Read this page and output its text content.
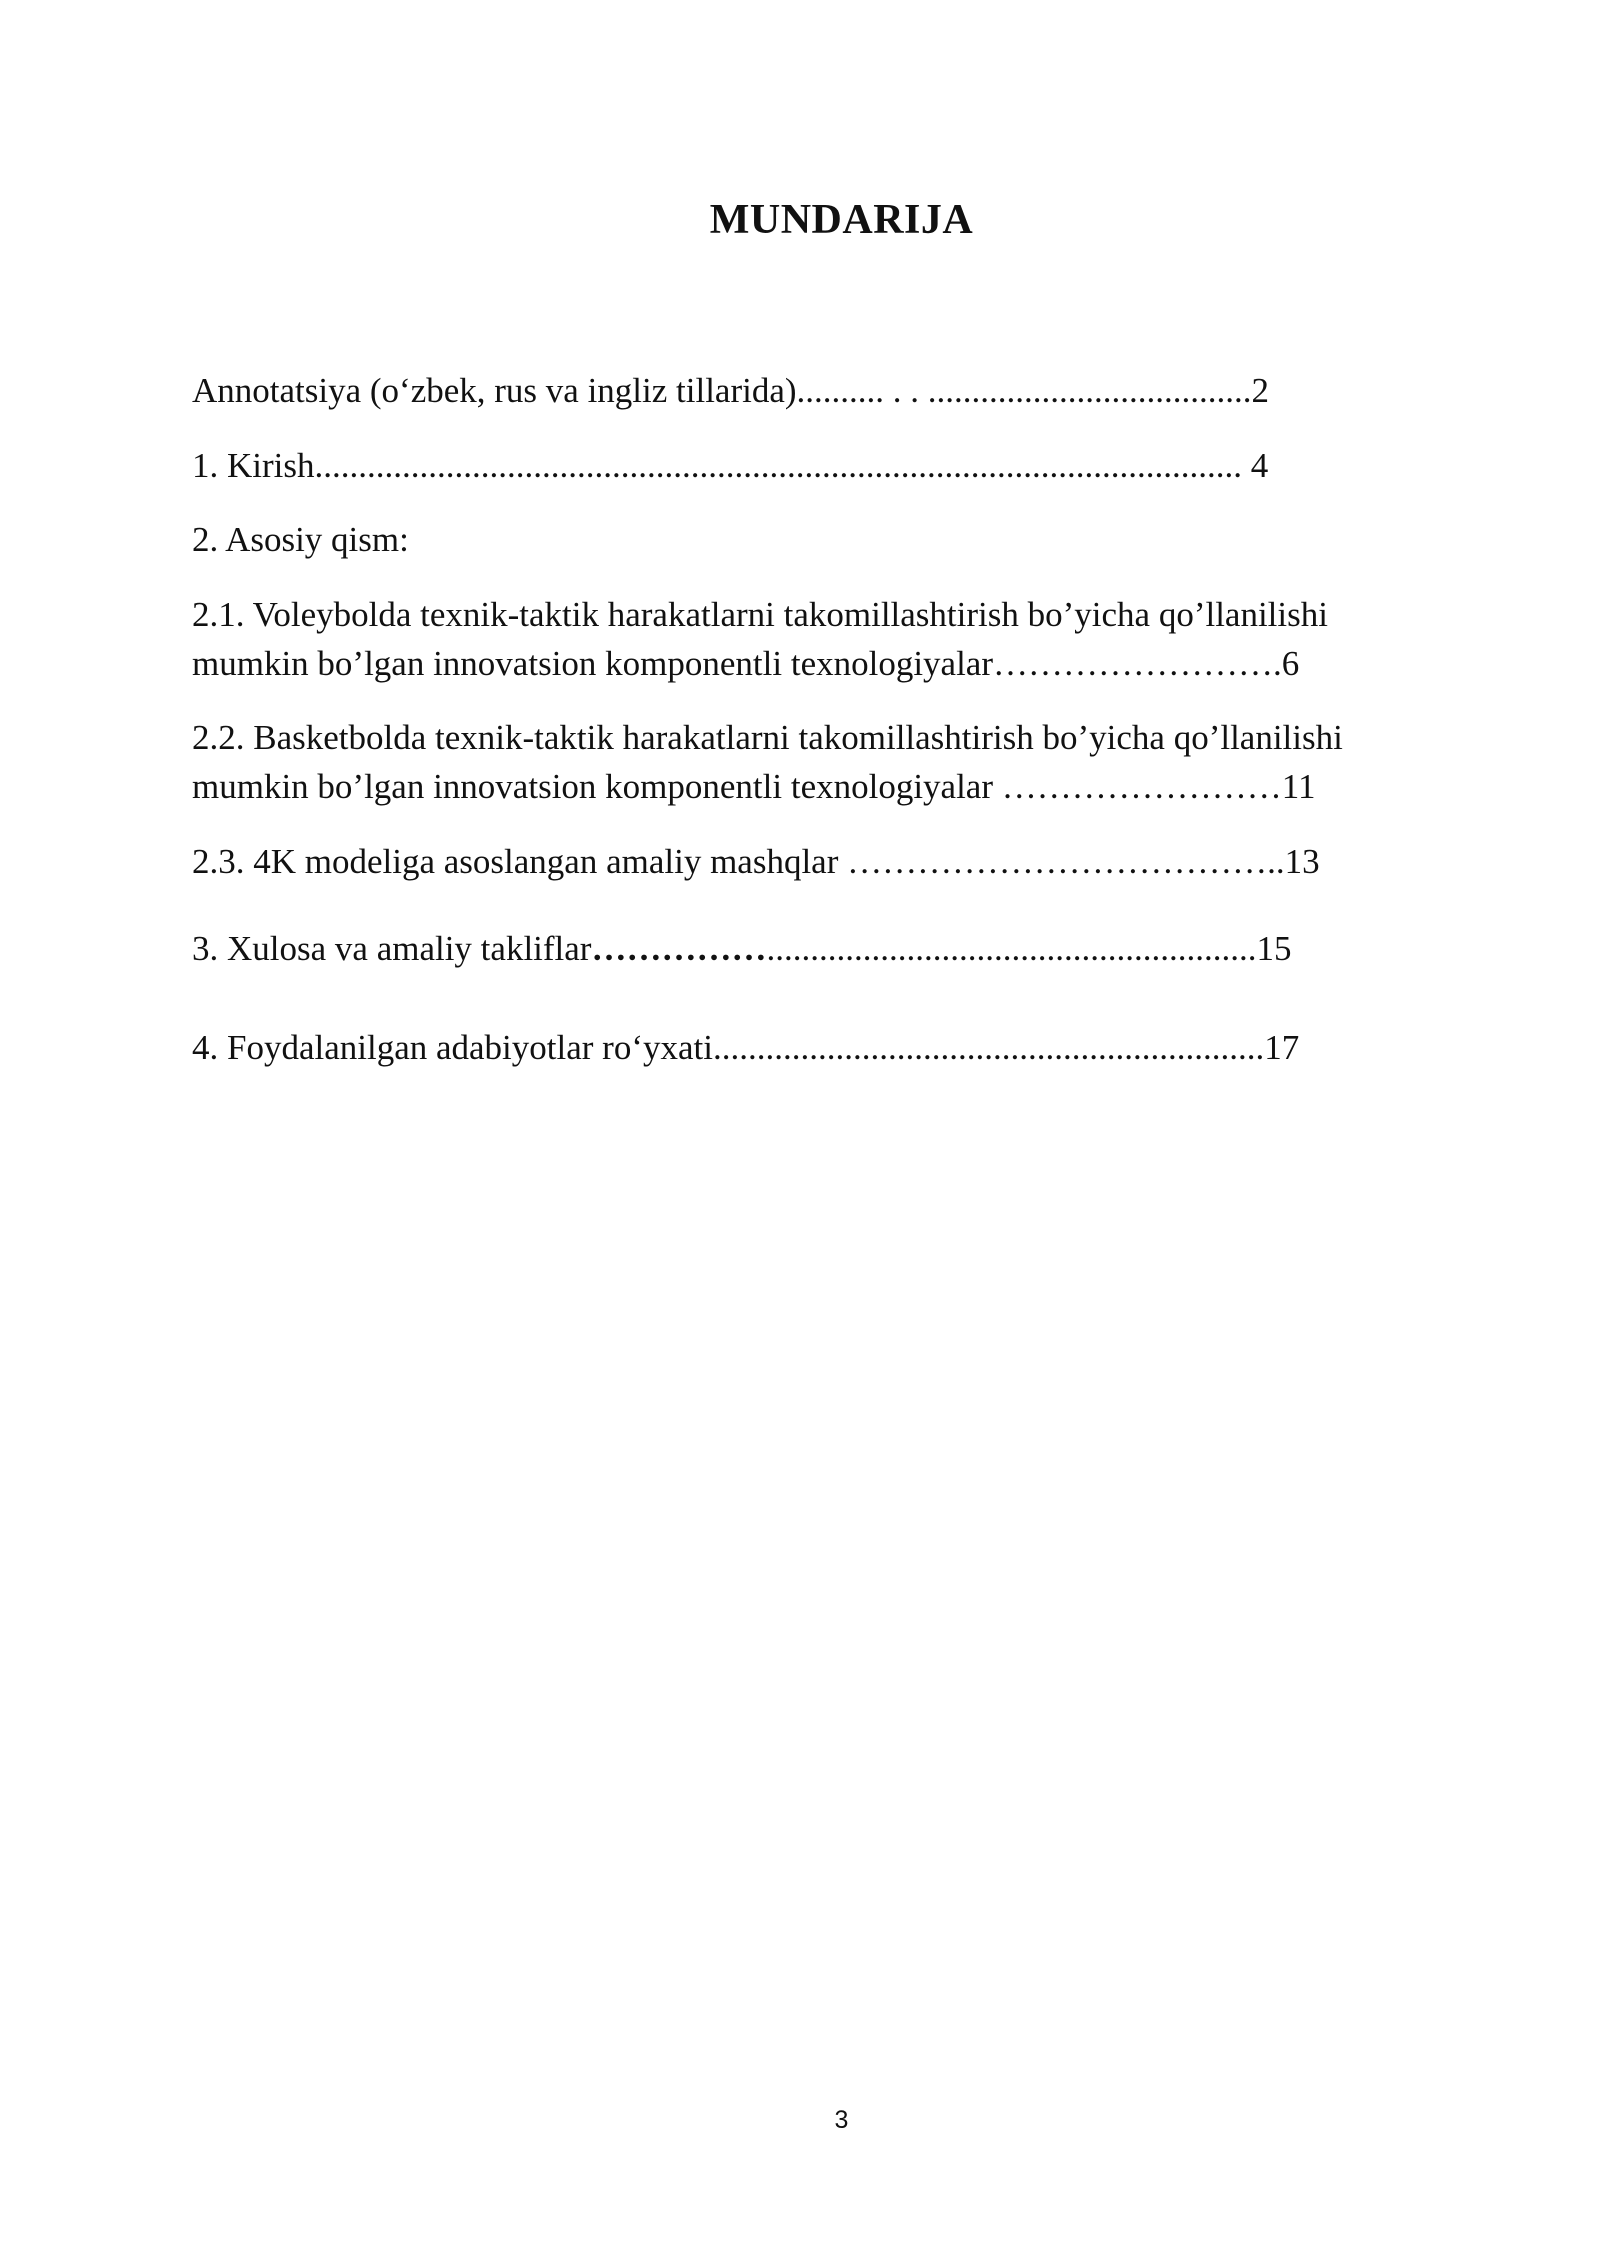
MUNDARIJA
Annotatsiya (o‘zbek, rus va ingliz tillarida).......... . . .....................................2
1. Kirish.......................................................................................................... 4
2. Asosiy qism:
2.1. Voleybolda texnik-taktik harakatlarni takomillashtirish bo’yicha qo’llanilishi
mumkin bo’lgan innovatsion komponentli texnologiyalar…………………….6
2.2. Basketbolda texnik-taktik harakatlarni takomillashtirish bo’yicha qo’llanilishi
mumkin bo’lgan innovatsion komponentli texnologiyalar ……………………11
2.3. 4K modeliga asoslangan amaliy mashqlar ………………………………..13
3. Xulosa va amaliy takliflar……………........................................................15
4. Foydalanilgan adabiyotlar ro‘yxati...............................................................17
3
